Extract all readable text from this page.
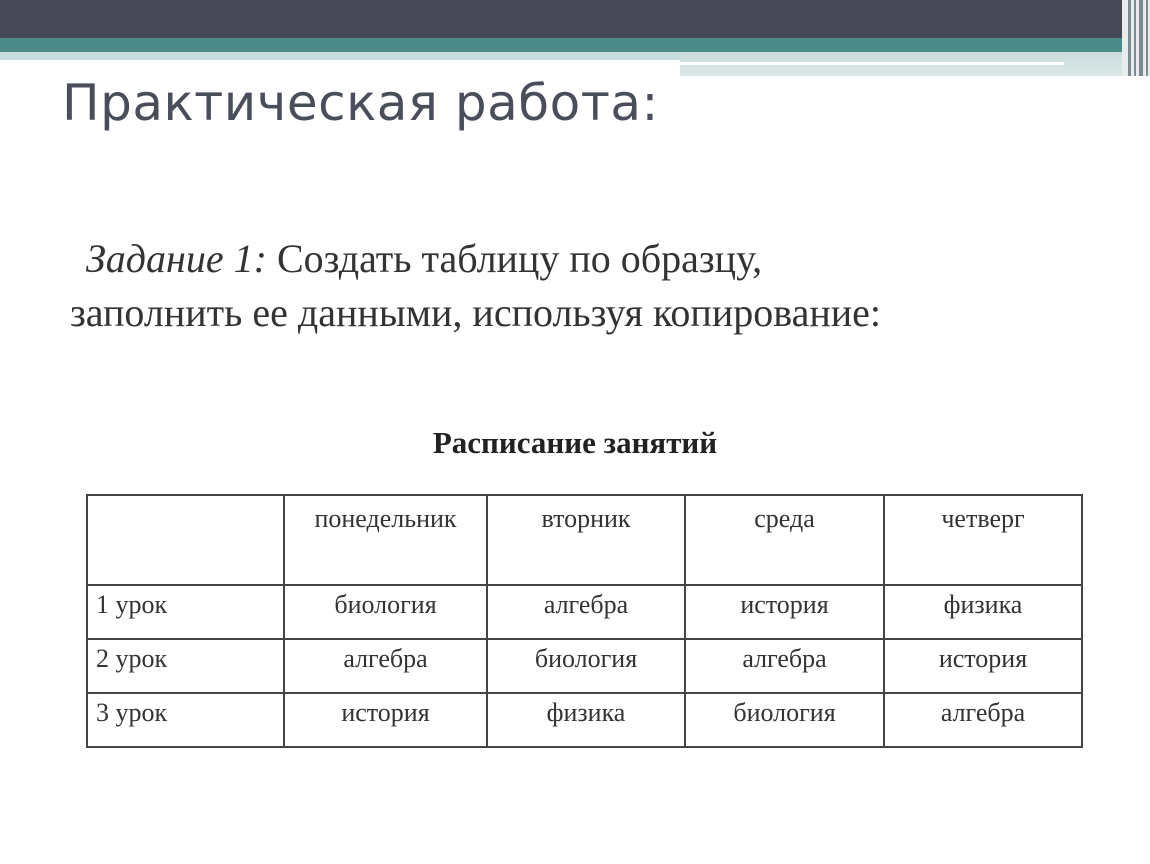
Практическая работа:
Задание 1: Создать таблицу по образцу,
заполнить ее данными, используя копирование:
Расписание занятий
	понедельник	вторник	среда	четверг
1 урок	биология	алгебра	история	физика
2 урок	алгебра	биология	алгебра	история
3 урок	история	физика	биология	алгебра
